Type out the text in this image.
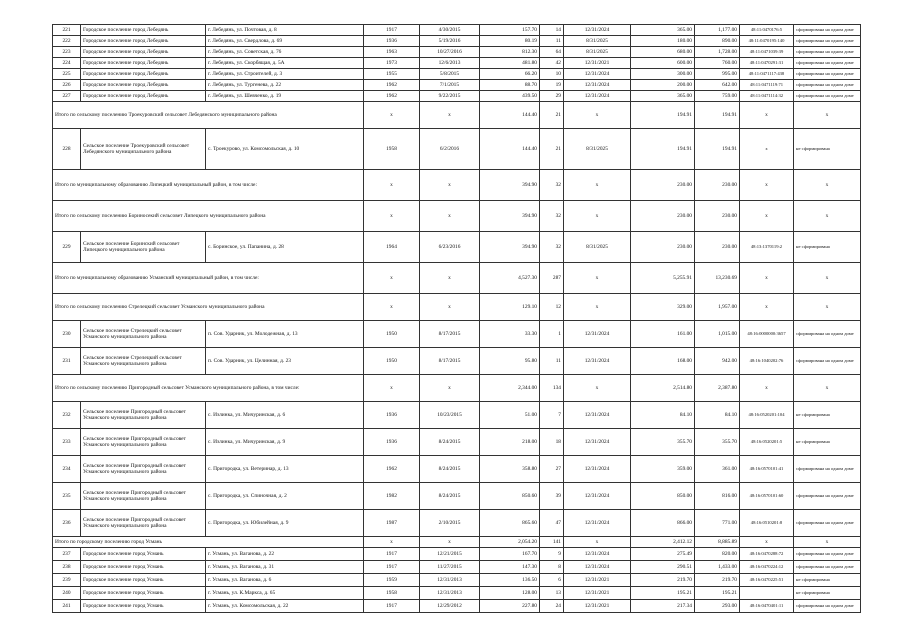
221	Городское поселение город Лебедянь	г. Лебедянь, ул. Почтовая, д. 8	1917	4/30/2015	157.70	14	12/31/2024	365.00	1,177.00	48:11:0470176:5	сформирована на одном доме
222	Городское поселение город Лебедянь	г. Лебедянь, ул. Свердлова, д. 69	1936	5/19/2016	80.19	11	8/31/2025	180.00	890.00	48:11:0470195:140	сформирована на одном доме
223	Городское поселение город Лебедянь	г. Лебедянь, ул. Советская, д. 76	1963	10/27/2016	812.30	64	8/31/2025	680.00	1,728.00	48:11:0471039:39	сформирована на одном доме
224	Городское поселение город Лебедянь	г. Лебедянь, ул. Скорбящая, д. 5А	1973	12/6/2013	481.80	42	12/31/2021	600.00	760.00	48:11:0470291:31	сформирована на одном доме
225	Городское поселение город Лебедянь	г. Лебедянь, ул. Строителей, д. 3	1955	5/8/2015	66.20	10	12/31/2024	300.00	995.00	48:11:0471117:438	сформирована на одном доме
226	Городское поселение город Лебедянь	г. Лебедянь, ул. Тургенева, д. 22	1962	7/1/2015	88.70	19	12/31/2024	200.00	642.00	48:11:0471119:71	сформирована на одном доме
227	Городское поселение город Лебедянь	г. Лебедянь, ул. Шевченко, д. 19	1962	9/22/2015	439.50	29	12/31/2024	365.00	759.00	48:11:0471114:32	сформирована на одном доме
Итого по сельскому поселению Троекуровский сельсовет Лебедянского муниципального района			x	x	144.40	21	x	194.91	194.91	x	x
228	Сельское поселение Троекуровский сельсовет Лебедянского муниципального района	с. Троекурово, ул. Комсомольская, д. 10	1958	6/2/2016	144.40	21	8/31/2025	194.91	194.91	x	не сформирована
Итого по муниципальному образованию Липецкий муниципальный район, в том числе:			x	x	394.90	32	x	230.00	230.00	x	x
Итого по сельскому поселению Бориносекий сельсовет Липецкого муниципального района			x	x	394.90	32	x	230.00	230.00	x	x
229	Сельское поселение Боринский сельсовет Липецкого муниципального района	с. Боринское, ул. Папанина, д. 28	1964	6/23/2016	394.90	32	8/31/2025	230.00	230.00	48:13:1370119:2	не сформирована
Итого по муниципальному образованию Усманский муниципальный район, в том числе:			x	x	4,527.30	287	x	5,255.91	13,230.69	x	x
Итого по сельскому поселению Стрелецкий сельсовет Усманского муниципального района			x	x	129.10	12	x	329.00	1,957.00	x	x
230	Сельское поселение Стрелецкий сельсовет Усманского муниципального района	п. Сов. Ударник, ул. Молодежная, д. 13	1950	8/17/2015	33.30	1	12/31/2024	161.00	1,015.00	48:16:0000000:3657	сформирована на одном доме
231	Сельское поселение Стрелецкий сельсовет Усманского муниципального района	п. Сов. Ударник, ул. Целинная, д. 23	1950	8/17/2015	95.80	11	12/31/2024	168.00	942.00	48:16:1040202:76	сформирована на одном доме
Итого по сельскому поселению Пригородный сельсовет Усманского муниципального района, в том числе:			x	x	2,344.00	134	x	2,514.80	2,387.80	x	x
232	Сельское поселение Пригородный сельсовет Усманского муниципального района	с. Излинка, ул. Мичуринская, д. 6	1936	10/23/2015	51.00	7	12/31/2024	84.10	84.10	48:16:0520201:104	не сформирована
233	Сельское поселение Пригородный сельсовет Усманского муниципального района	с. Излинка, ул. Мичуринская, д. 9	1936	8/24/2015	218.00	18	12/31/2024	355.70	355.70	48:16:0520201:5	не сформирована
234	Сельское поселение Пригородный сельсовет Усманского муниципального района	с. Пригородка, ул. Ветеринар, д. 13	1962	8/24/2015	358.80	27	12/31/2024	359.00	361.00	48:16:0570101:41	сформирована на одном доме
235	Сельское поселение Пригородный сельсовет Усманского муниципального района	с. Пригородка, ул. Спиночная, д. 2	1982	8/24/2015	850.60	39	12/31/2024	850.00	816.00	48:16:0570101:60	сформирована на одном доме
236	Сельское поселение Пригородный сельсовет Усманского муниципального района	с. Пригородка, ул. Юбилейная, д. 9	1987	2/10/2015	865.60	47	12/31/2024	866.00	771.00	48:16:0510201:8	сформирована на одном доме
Итого по городскому поселению город Усмань			x	x	2,054.20	141	x	2,412.12	8,885.89	x	x
237	Городское поселение город Усмань	г. Усмань, ул. Ваганова, д. 22	1917	12/21/2015	167.70	9	12/31/2024	275.49	820.00	48:16:0470288:72	сформирована на одном доме
238	Городское поселение город Усмань	г. Усмань, ул. Ваганова, д. 31	1917	11/27/2015	147.30	8	12/31/2024	290.51	1,433.00	48:16:0470224:12	сформирована на одном доме
239	Городское поселение город Усмань	г. Усмань, ул. Ваганова, д. 6	1959	12/31/2013	136.50	6	12/31/2021	219.70	219.70	48:16:0470225:51	не сформирована
240	Городское поселение город Усмань	г. Усмань, ул. К.Маркса, д. 65	1958	12/31/2013	128.00	13	12/31/2021	195.21	195.21		не сформирована
241	Городское поселение город Усмань	г. Усмань, ул. Комсомольская, д. 22	1917	12/29/2012	227.80	24	12/31/2021	217.34	293.00	48:16:0470401:11	сформирована на одном доме
